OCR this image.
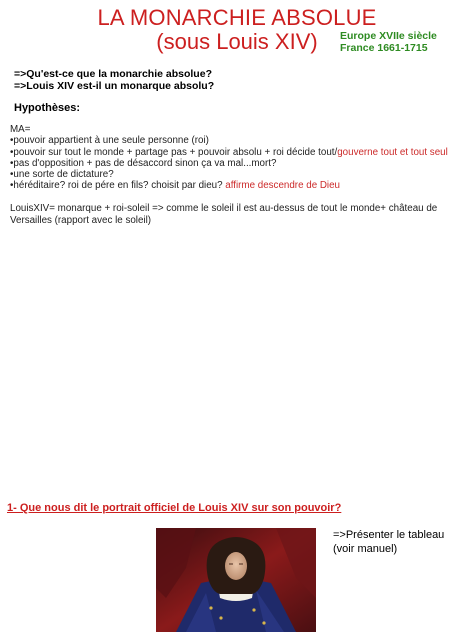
LA MONARCHIE ABSOLUE
(sous Louis XIV)	Europe XVIIe siècle
France 1661-1715
=>Qu'est-ce que la monarchie absolue?
=>Louis XIV est-il un monarque absolu?
Hypothèses:
MA=
•pouvoir appartient à une seule personne (roi)
•pouvoir sur tout le monde + partage pas + pouvoir absolu + roi décide tout/gouverne tout et tout seul
•pas d'opposition + pas de désaccord sinon ça va mal...mort?
•une sorte de dictature?
•héréditaire? roi de pére en fils? choisit par dieu? affirme descendre de Dieu
LouisXIV= monarque + roi-soleil => comme le soleil il est au-dessus de tout le monde+ château de
Versailles (rapport avec le soleil)
1- Que nous dit le portrait officiel de Louis XIV sur son pouvoir?
=>Présenter le tableau
(voir manuel)
